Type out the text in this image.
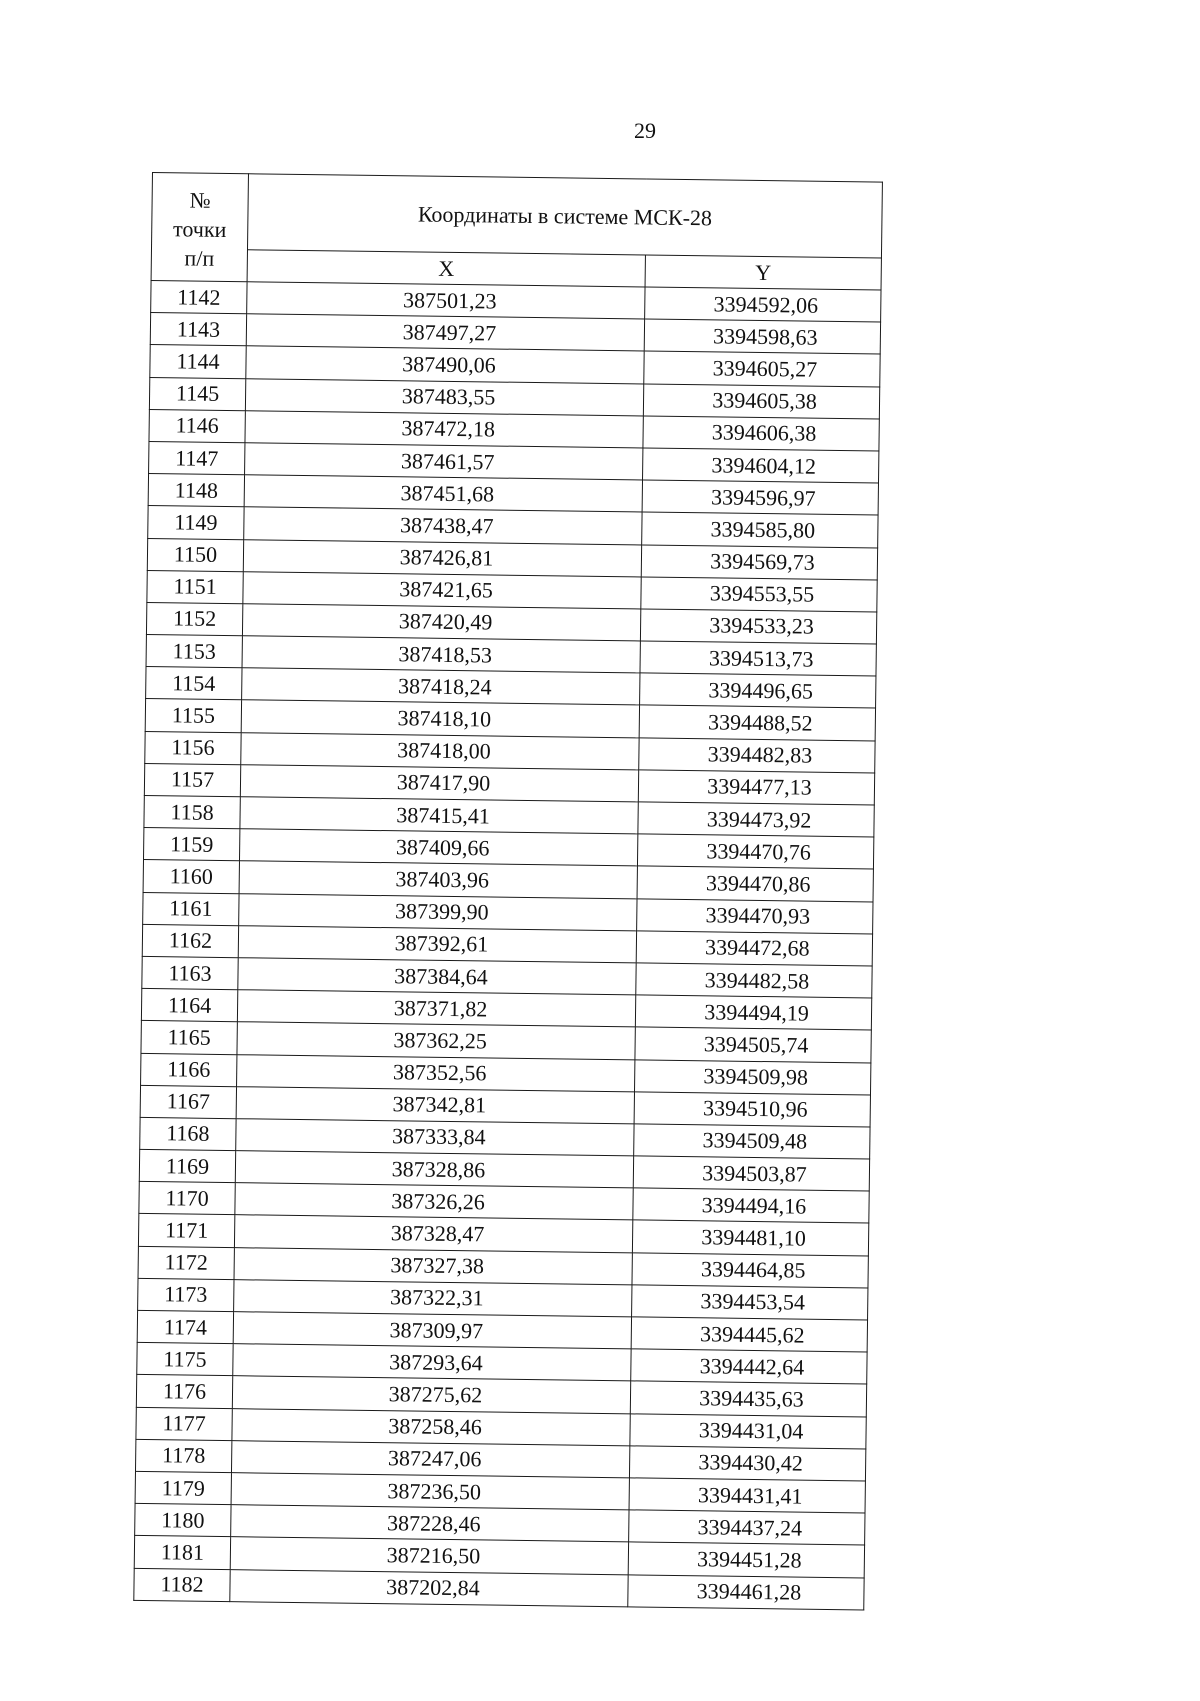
29
№
точки
п/п	Координаты в системе МСК-28	
	X	Y
1142	387501,23	3394592,06
1143	387497,27	3394598,63
1144	387490,06	3394605,27
1145	387483,55	3394605,38
1146	387472,18	3394606,38
1147	387461,57	3394604,12
1148	387451,68	3394596,97
1149	387438,47	3394585,80
1150	387426,81	3394569,73
1151	387421,65	3394553,55
1152	387420,49	3394533,23
1153	387418,53	3394513,73
1154	387418,24	3394496,65
1155	387418,10	3394488,52
1156	387418,00	3394482,83
1157	387417,90	3394477,13
1158	387415,41	3394473,92
1159	387409,66	3394470,76
1160	387403,96	3394470,86
1161	387399,90	3394470,93
1162	387392,61	3394472,68
1163	387384,64	3394482,58
1164	387371,82	3394494,19
1165	387362,25	3394505,74
1166	387352,56	3394509,98
1167	387342,81	3394510,96
1168	387333,84	3394509,48
1169	387328,86	3394503,87
1170	387326,26	3394494,16
1171	387328,47	3394481,10
1172	387327,38	3394464,85
1173	387322,31	3394453,54
1174	387309,97	3394445,62
1175	387293,64	3394442,64
1176	387275,62	3394435,63
1177	387258,46	3394431,04
1178	387247,06	3394430,42
1179	387236,50	3394431,41
1180	387228,46	3394437,24
1181	387216,50	3394451,28
1182	387202,84	3394461,28
